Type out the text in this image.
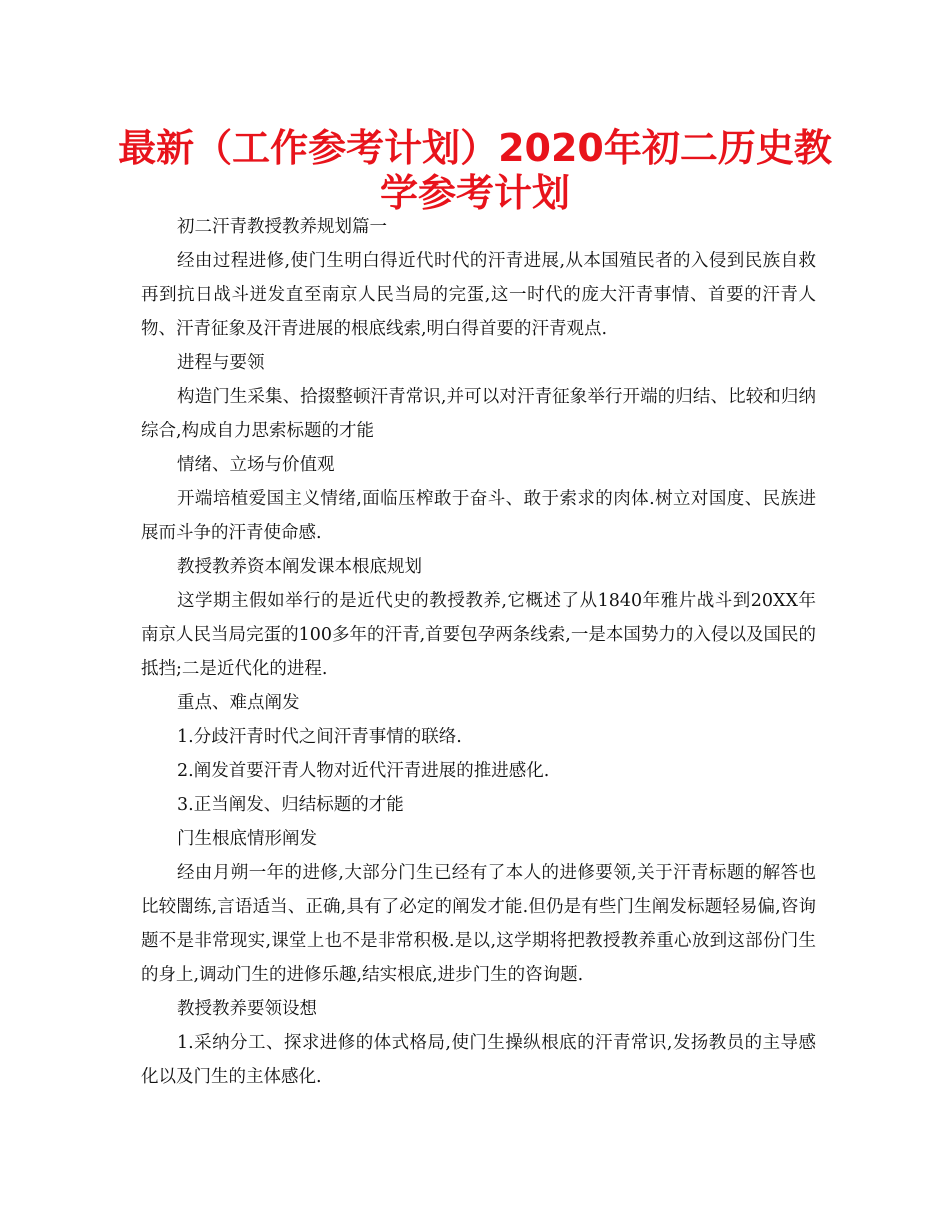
最新（工作参考计划）2020年初二历史教
学参考计划

初二汗青教授教养规划篇一

经由过程进修,使门生明白得近代时代的汗青进展,从本国殖民者的入侵到民族自救再到抗日战斗迸发直至南京人民当局的完蛋,这一时代的庞大汗青事情、首要的汗青人物、汗青征象及汗青进展的根底线索,明白得首要的汗青观点.

进程与要领

构造门生采集、拾掇整顿汗青常识,并可以对汗青征象举行开端的归结、比较和归纳综合,构成自力思索标题的才能

情绪、立场与价值观

开端培植爱国主义情绪,面临压榨敢于奋斗、敢于索求的肉体.树立对国度、民族进展而斗争的汗青使命感.

教授教养资本阐发课本根底规划

这学期主假如举行的是近代史的教授教养,它概述了从1840年雅片战斗到20XX年南京人民当局完蛋的100多年的汗青,首要包孕两条线索,一是本国势力的入侵以及国民的抵挡;二是近代化的进程.

重点、难点阐发

1.分歧汗青时代之间汗青事情的联络.

2.阐发首要汗青人物对近代汗青进展的推进感化.

3.正当阐发、归结标题的才能

门生根底情形阐发

经由月朔一年的进修,大部分门生已经有了本人的进修要领,关于汗青标题的解答也比较闇练,言语适当、正确,具有了必定的阐发才能.但仍是有些门生阐发标题轻易偏,咨询题不是非常现实,课堂上也不是非常积极.是以,这学期将把教授教养重心放到这部份门生的身上,调动门生的进修乐趣,结实根底,进步门生的咨询题.

教授教养要领设想

1.采纳分工、探求进修的体式格局,使门生操纵根底的汗青常识,发扬教员的主导感化以及门生的主体感化.
